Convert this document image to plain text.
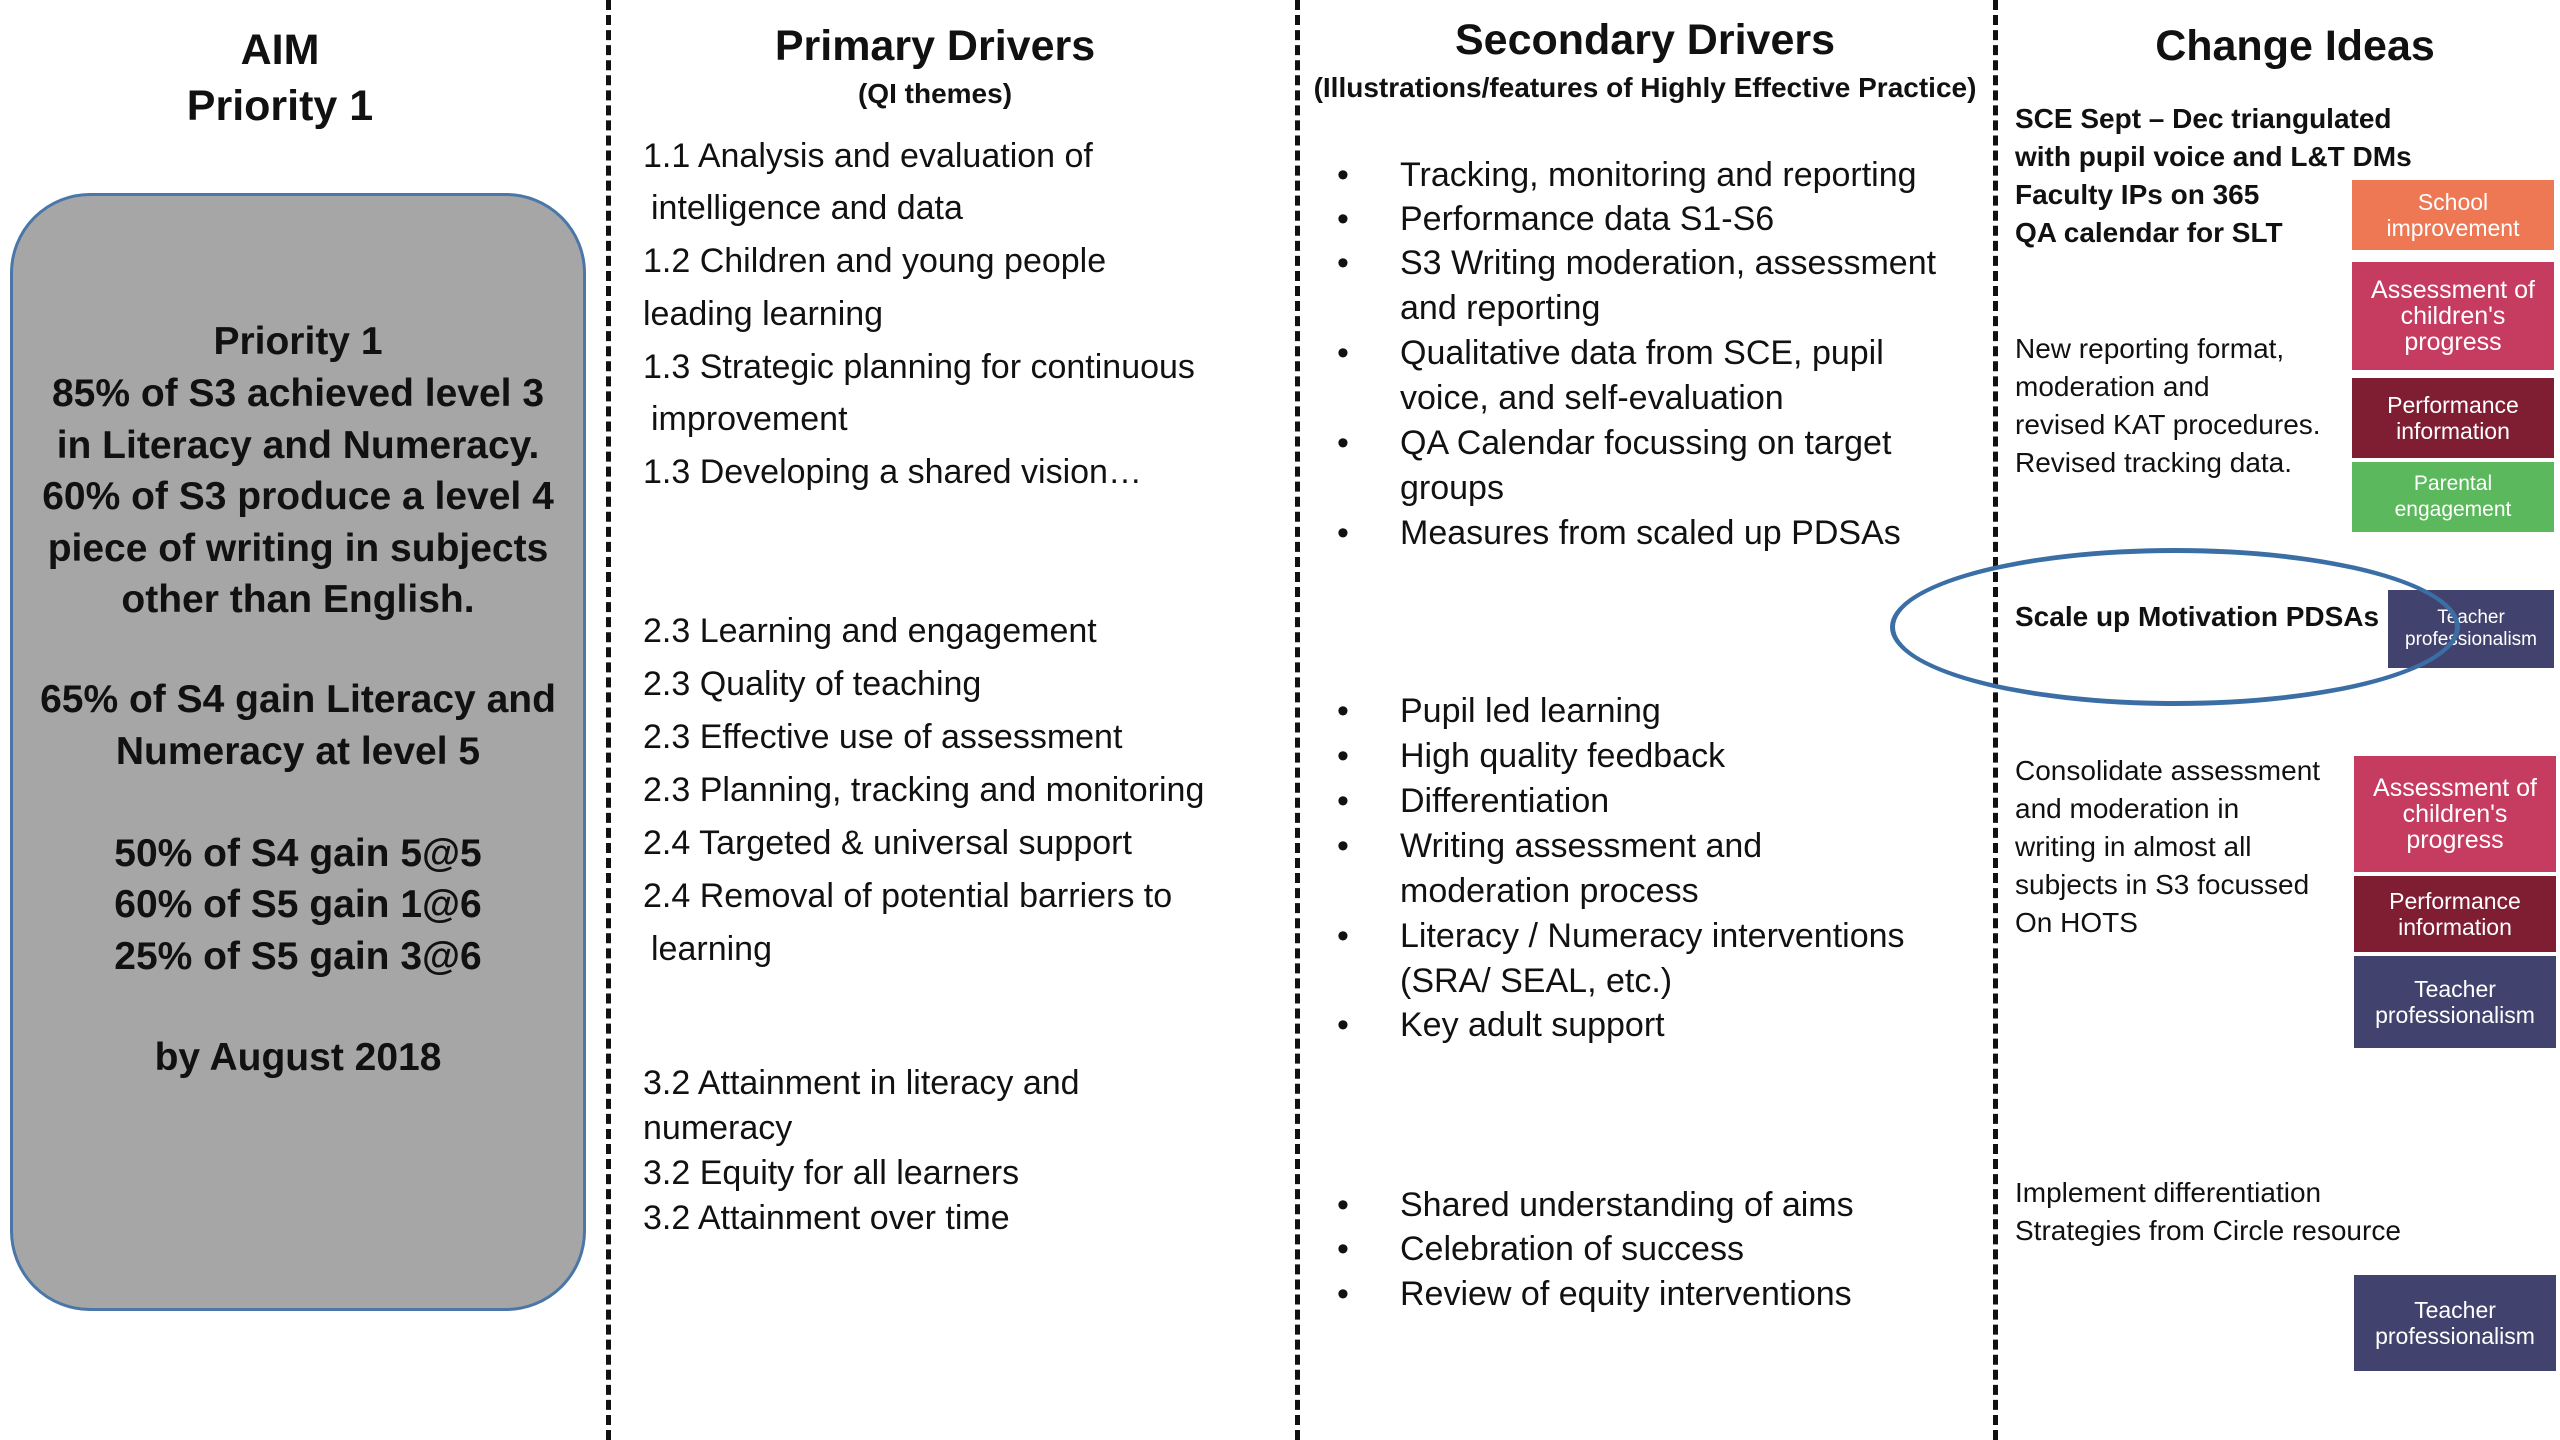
AIM
Priority 1
Priority 1
85% of S3 achieved level 3
in Literacy and Numeracy.
60% of S3 produce a level 4
piece of writing in subjects
other than English.
65% of S4 gain Literacy and
Numeracy at level 5
50% of S4 gain 5@5
60% of S5 gain 1@6
25% of S5 gain 3@6
by August 2018
Primary Drivers
(QI themes)
1.1 Analysis and evaluation of
intelligence and data
1.2 Children and young people
leading learning
1.3 Strategic planning for continuous
improvement
1.3 Developing a shared vision…
2.3 Learning and engagement
2.3 Quality of teaching
2.3 Effective use of assessment
2.3 Planning, tracking and monitoring
2.4 Targeted & universal support
2.4 Removal of potential barriers to
learning
3.2 Attainment in literacy and
numeracy
3.2 Equity for all learners
3.2 Attainment over time
Secondary Drivers
(Illustrations/features of Highly Effective Practice)
• Tracking, monitoring and reporting
• Performance data S1-S6
• S3 Writing moderation, assessment
and reporting
• Qualitative data from SCE, pupil
voice, and self-evaluation
• QA Calendar focussing on target
groups
• Measures from scaled up PDSAs
• Pupil led learning
• High quality feedback
• Differentiation
• Writing assessment and
moderation process
• Literacy / Numeracy interventions
(SRA/ SEAL, etc.)
• Key adult support
• Shared understanding of aims
• Celebration of success
• Review of equity interventions
Change Ideas
SCE Sept – Dec triangulated
with pupil voice and L&T DMs
Faculty IPs on 365
QA calendar for SLT
School improvement
Assessment of children's progress
Performance information
Parental engagement
New reporting format,
moderation and
revised KAT procedures.
Revised tracking data.
Scale up Motivation PDSAs	Teacher professionalism
Consolidate assessment
and moderation in
writing in almost all
subjects in S3 focussed
On HOTS
Assessment of children's progress
Performance information
Teacher professionalism
Implement differentiation
Strategies from Circle resource
Teacher professionalism
